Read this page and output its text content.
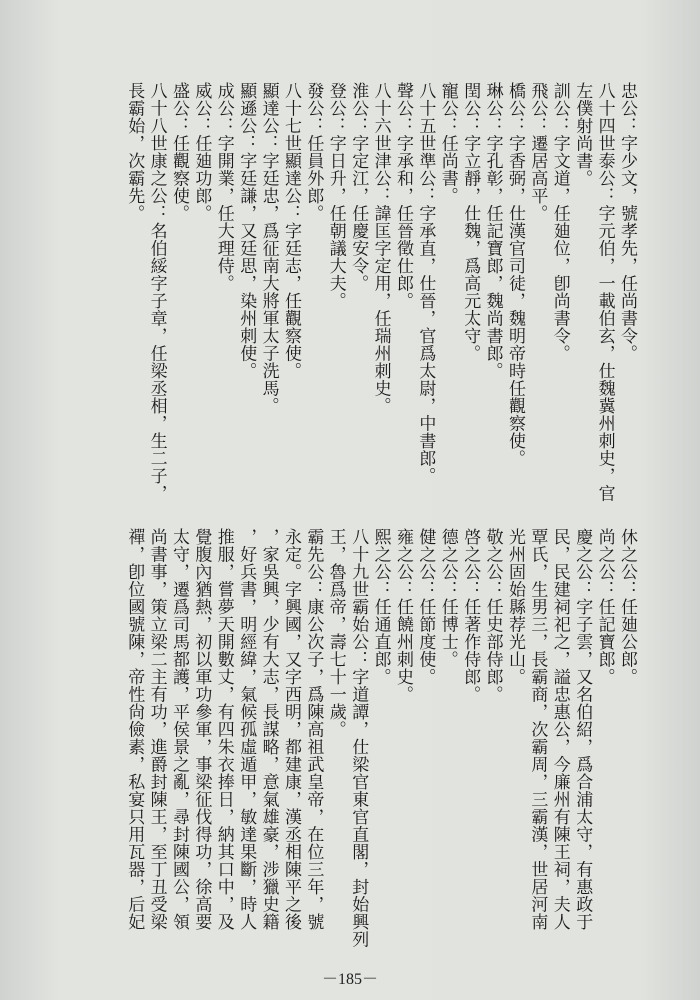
忠公：字少文，號孝先，任尚書令。
八十四世泰公：字元伯，一載伯玄，仕魏冀州刺史，官
左僕射尚書。
訓公：字文道，任廸位，卽尚書令。
飛公：遷居高平。
橋公：字香弼，仕漢官司徒，魏明帝時任觀察使。
琳公：字孔彰，任記寶郎，魏尚書郎。
閏公：字立靜，仕魏，爲高元太守。
寵公：任尚書。
八十五世準公：字承直，仕晉，官爲太尉，中書郎。
聲公：字承和，任晉徵仕郎。
八十六世津公：諱匡字定用，任瑞州刺史。
淮公：字定江，任慶安令。
登公：字日升，任朝議大夫。
發公：任員外郎。
八十七世顯達公：字廷志，任觀察使。
顯達公：字廷忠，爲征南大將軍太子洗馬。
顯遜公：字廷謙，又廷思，染州刺使。
成公：字開業，任大理侍。
威公：任廸功郎。
盛公：任觀察使。
八十八世康之公：名伯綏字子章，任梁丞相，生二子，
長霸始，次霸先。
休之公：任廸公郎。
尚之公：任記寶郎。
慶之公：字子雲，又名伯紹，爲合浦太守，有惠政于
民，民建祠祀之，謚忠惠公，今廉州有陳王祠，夫人
覃氏，生男三，長霸商，次霸周，三霸漢，世居河南
光州固始縣荐光山。
敬之公：任史部侍郎。
啓之公：任著作侍郎。
德之公：任博士。
健之公：任節度使。
雍之公：任饒州刺史。
熙之公：任通直郎。
八十九世霸始公：字道譚，仕梁官東官直閣，封始興列
王，魯爲帝，壽七十一歲。
霸先公：康公次子，爲陳高祖武皇帝，在位三年，號
永定。字興國，又字西明，都建康，漢丞相陳平之後
，家吳興，少有大志，長謀略，意氣雄豪，涉獵史籍
，好兵書，明經緯，氣候孤虛遁甲，敏達果斷，時人
推服，嘗夢天開數丈，有四朱衣捧日，納其口中，及
覺腹內猶熱，初以軍功參軍，事梁征伐得功，徐高要
太守，遷爲司馬都護，平侯景之亂，尋封陳國公，領
尚書事，策立梁二主有功，進爵封陳王，至丁丑受梁
禪，卽位國號陳，帝性尙儉素，私宴只用瓦器，后妃
－185－
